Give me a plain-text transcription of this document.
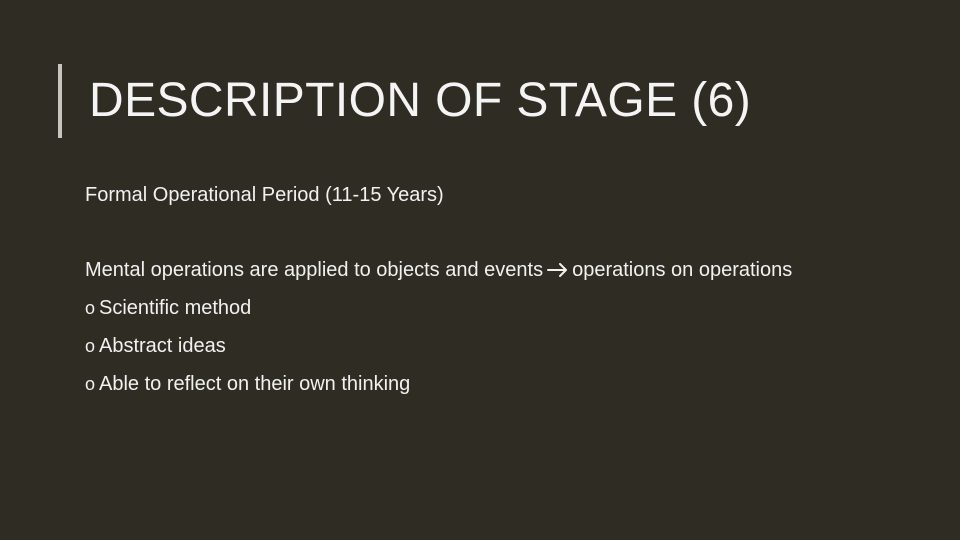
DESCRIPTION OF STAGE (6)

Formal Operational Period (11-15 Years)

Mental operations are applied to objects and events operations on operations

o Scientific method
o Abstract ideas
o Able to reflect on their own thinking
